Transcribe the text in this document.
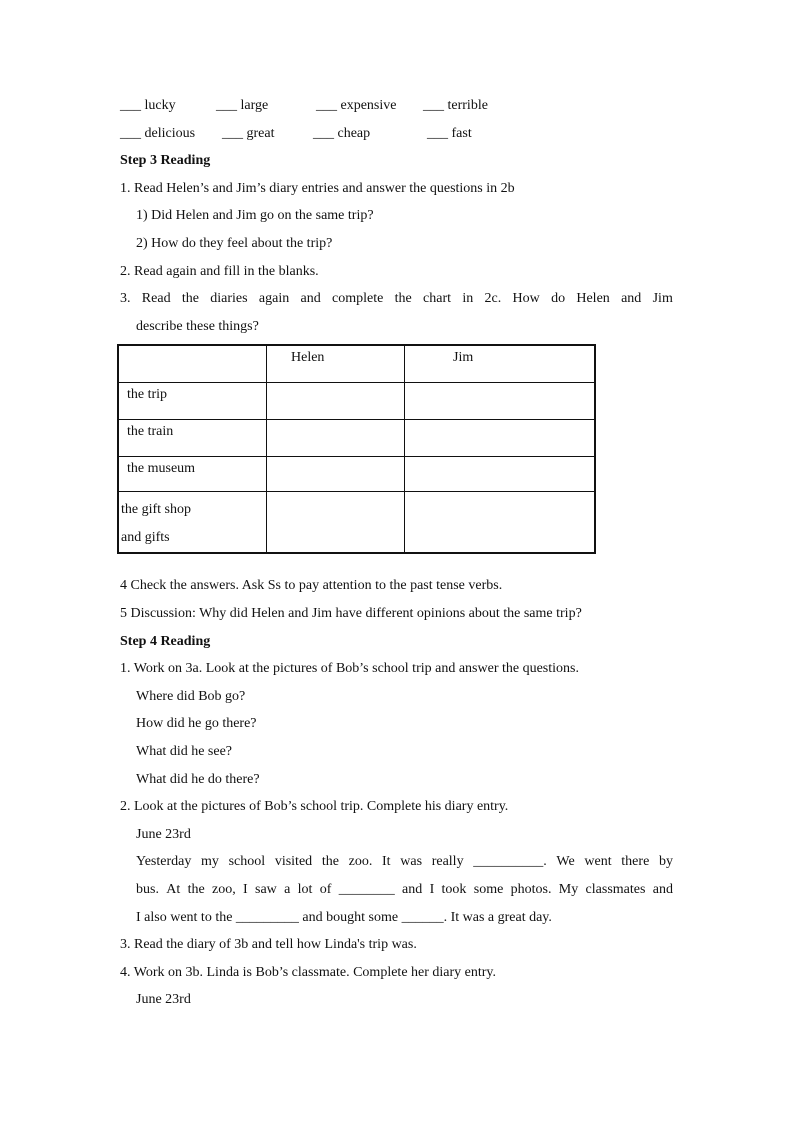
___ lucky	___ large	___ expensive ___ terrible
___ delicious ___ great	___ cheap	___ fast
Step 3 Reading
1. Read Helen’s and Jim’s diary entries and answer the questions in 2b
1) Did Helen and Jim go on the same trip?
2) How do they feel about the trip?
2. Read again and fill in the blanks.
3. Read the diaries again and complete the chart in 2c. How do Helen and Jim
describe these things?

	Helen	Jim

the trip		

the train		

the museum		

the gift shop
and gifts		

4 Check the answers. Ask Ss to pay attention to the past tense verbs.
5 Discussion: Why did Helen and Jim have different opinions about the same trip?
Step 4 Reading
1. Work on 3a. Look at the pictures of Bob’s school trip and answer the questions.
Where did Bob go?
How did he go there?
What did he see?
What did he do there?
2. Look at the pictures of Bob’s school trip. Complete his diary entry.
June 23rd
Yesterday my school visited the zoo. It was really __________. We went there by
bus. At the zoo, I saw a lot of ________ and I took some photos. My classmates and
I also went to the _________ and bought some ______. It was a great day.
3. Read the diary of 3b and tell how Linda's trip was.
4. Work on 3b. Linda is Bob’s classmate. Complete her diary entry.
June 23rd
